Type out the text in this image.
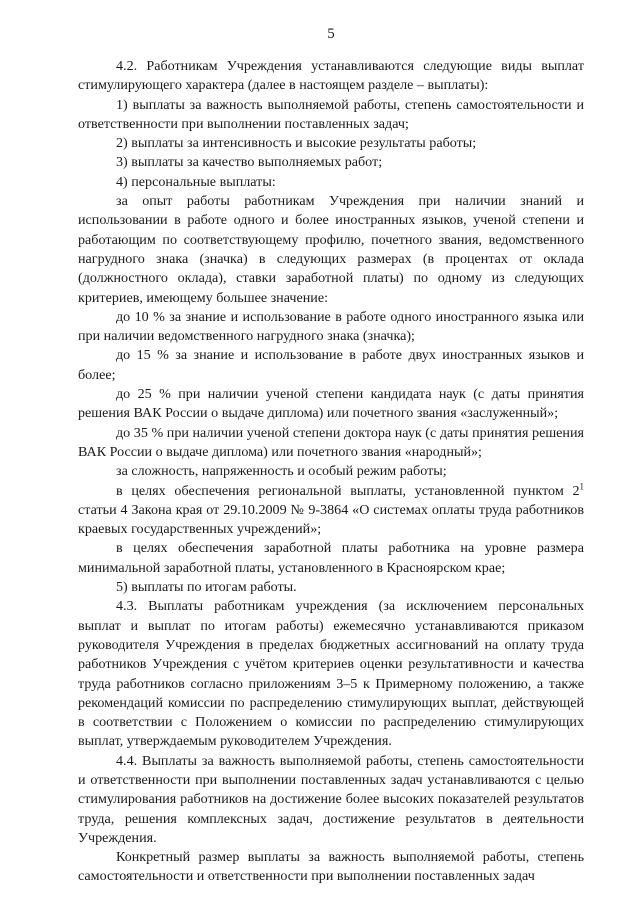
5

4.2. Работникам Учреждения устанавливаются следующие виды выплат стимулирующего характера (далее в настоящем разделе – выплаты):

1) выплаты за важность выполняемой работы, степень самостоятельности и ответственности при выполнении поставленных задач;

2) выплаты за интенсивность и высокие результаты работы;

3) выплаты за качество выполняемых работ;

4) персональные выплаты:

за опыт работы работникам Учреждения при наличии знаний и использовании в работе одного и более иностранных языков, ученой степени и работающим по соответствующему профилю, почетного звания, ведомственного нагрудного знака (значка) в следующих размерах (в процентах от оклада (должностного оклада), ставки заработной платы) по одному из следующих критериев, имеющему большее значение:

до 10 % за знание и использование в работе одного иностранного языка или при наличии ведомственного нагрудного знака (значка);

до 15 % за знание и использование в работе двух иностранных языков и более;

до 25 % при наличии ученой степени кандидата наук (с даты принятия решения ВАК России о выдаче диплома) или почетного звания «заслуженный»;

до 35 % при наличии ученой степени доктора наук (с даты принятия решения ВАК России о выдаче диплома) или почетного звания «народный»;

за сложность, напряженность и особый режим работы;

в целях обеспечения региональной выплаты, установленной пунктом $2^1$ статьи 4 Закона края от 29.10.2009 № 9-3864 «О системах оплаты труда работников краевых государственных учреждений»;

в целях обеспечения заработной платы работника на уровне размера минимальной заработной платы, установленного в Красноярском крае;

5) выплаты по итогам работы.

4.3. Выплаты работникам учреждения (за исключением персональных выплат и выплат по итогам работы) ежемесячно устанавливаются приказом руководителя Учреждения в пределах бюджетных ассигнований на оплату труда работников Учреждения с учётом критериев оценки результативности и качества труда работников согласно приложениям 3–5 к Примерному положению, а также рекомендаций комиссии по распределению стимулирующих выплат, действующей в соответствии с Положением о комиссии по распределению стимулирующих выплат, утверждаемым руководителем Учреждения.

4.4. Выплаты за важность выполняемой работы, степень самостоятельности и ответственности при выполнении поставленных задач устанавливаются с целью стимулирования работников на достижение более высоких показателей результатов труда, решения комплексных задач, достижение результатов в деятельности Учреждения.

Конкретный размер выплаты за важность выполняемой работы, степень самостоятельности и ответственности при выполнении поставленных задач
